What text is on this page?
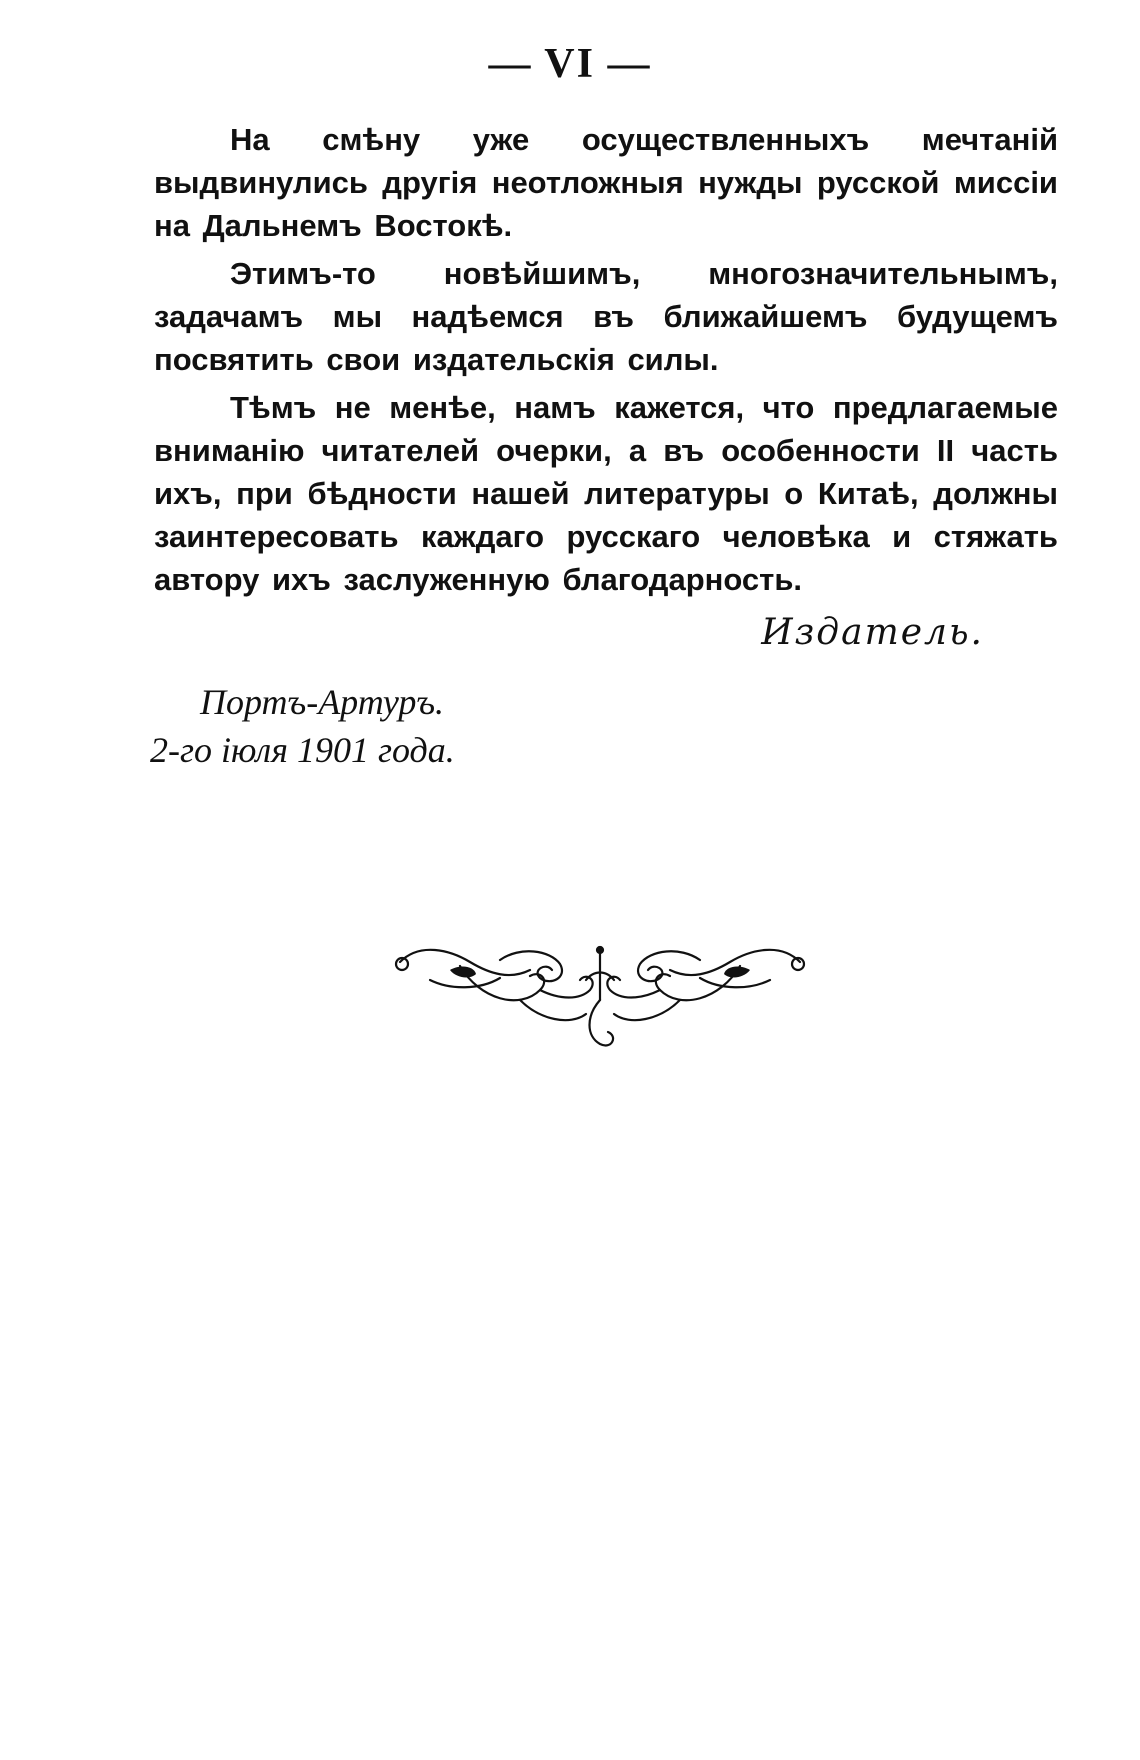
— VI —

На смѣну уже осуществленныхъ мечтаній выдвинулись другія неотложныя нужды русской миссіи на Дальнемъ Востокѣ.

Этимъ-то новѣйшимъ, многозначительнымъ, задачамъ мы надѣемся въ ближайшемъ будущемъ посвятить свои издательскія силы.

Тѣмъ не менѣе, намъ кажется, что предлагаемые вниманію читателей очерки, а въ особенности II часть ихъ, при бѣдности нашей литературы о Китаѣ, должны заинтересовать каждаго русскаго человѣка и стяжать автору ихъ заслуженную благодарность.

Издатель.
Портъ-Артуръ.
2-го іюля 1901 года.
